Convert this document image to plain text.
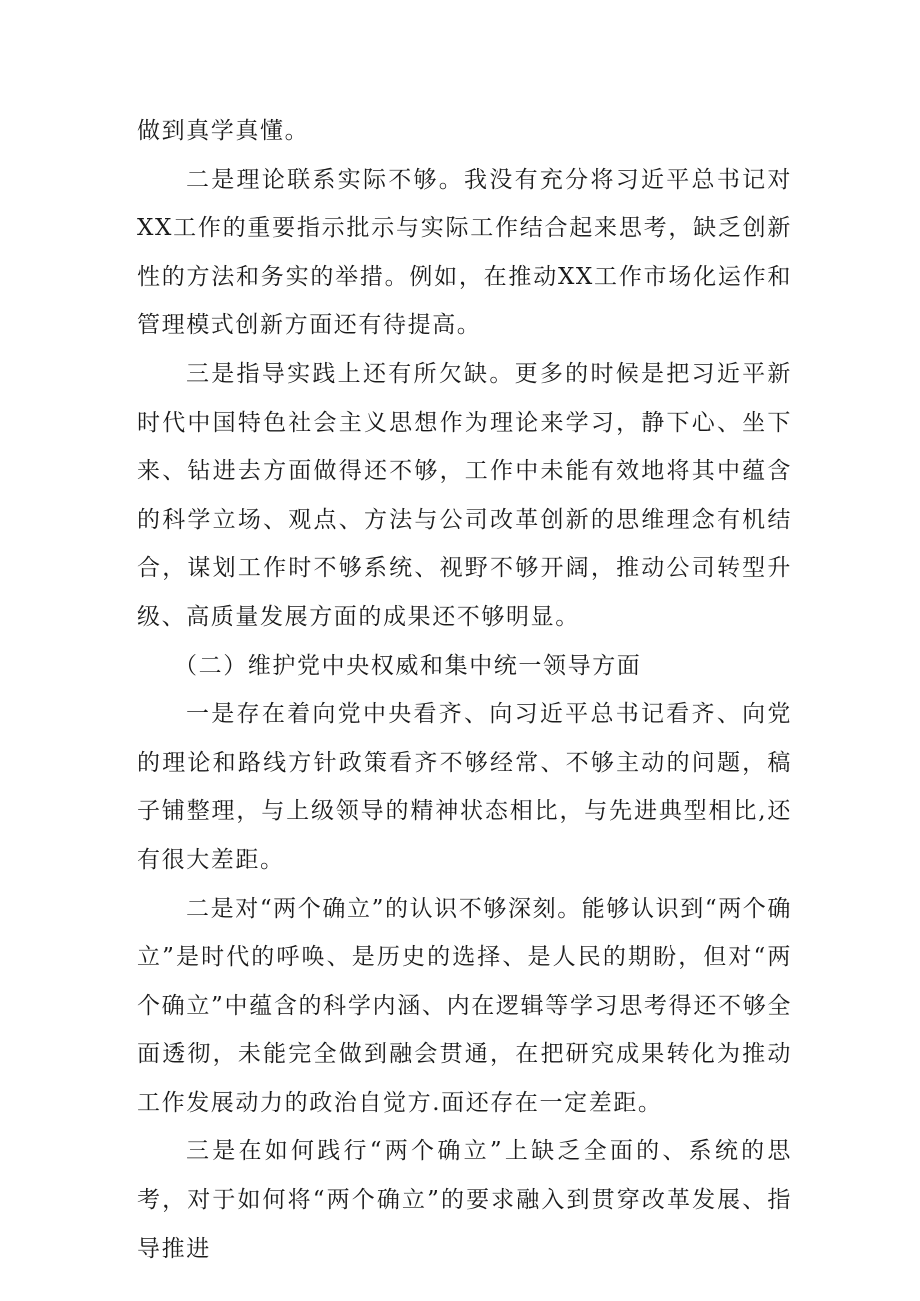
做到真学真懂。

二是理论联系实际不够。我没有充分将习近平总书记对XX工作的重要指示批示与实际工作结合起来思考，缺乏创新性的方法和务实的举措。例如，在推动XX工作市场化运作和管理模式创新方面还有待提高。

三是指导实践上还有所欠缺。更多的时候是把习近平新时代中国特色社会主义思想作为理论来学习，静下心、坐下来、钻进去方面做得还不够，工作中未能有效地将其中蕴含的科学立场、观点、方法与公司改革创新的思维理念有机结合，谋划工作时不够系统、视野不够开阔，推动公司转型升级、高质量发展方面的成果还不够明显。

（二）维护党中央权威和集中统一领导方面

一是存在着向党中央看齐、向习近平总书记看齐、向党的理论和路线方针政策看齐不够经常、不够主动的问题，稿子铺整理，与上级领导的精神状态相比，与先进典型相比,还有很大差距。

二是对“两个确立”的认识不够深刻。能够认识到“两个确立”是时代的呼唤、是历史的选择、是人民的期盼，但对“两个确立”中蕴含的科学内涵、内在逻辑等学习思考得还不够全面透彻，未能完全做到融会贯通，在把研究成果转化为推动工作发展动力的政治自觉方.面还存在一定差距。

三是在如何践行“两个确立”上缺乏全面的、系统的思考，对于如何将“两个确立”的要求融入到贯穿改革发展、指导推进
